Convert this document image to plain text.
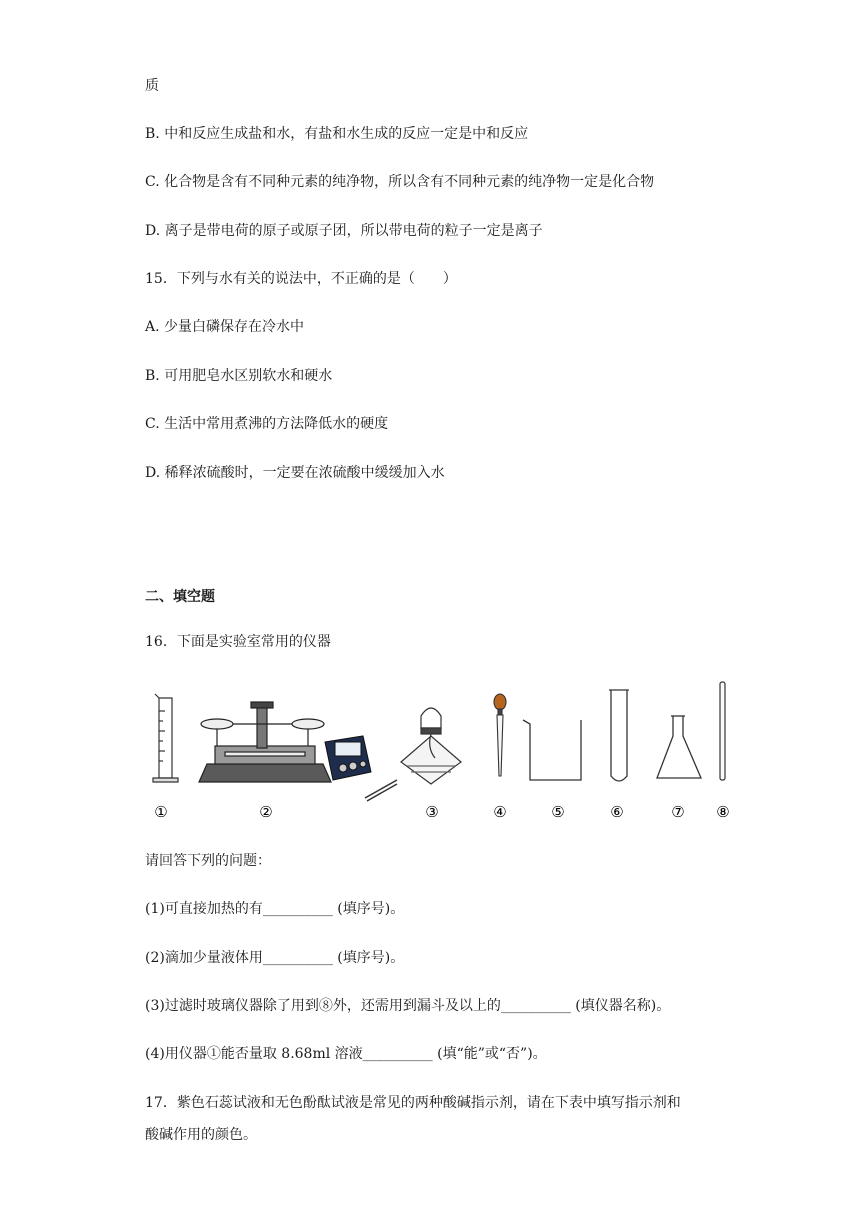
质
B. 中和反应生成盐和水，有盐和水生成的反应一定是中和反应
C. 化合物是含有不同种元素的纯净物，所以含有不同种元素的纯净物一定是化合物
D. 离子是带电荷的原子或原子团，所以带电荷的粒子一定是离子
15．下列与水有关的说法中，不正确的是（　　）
A. 少量白磷保存在冷水中
B. 可用肥皂水区别软水和硬水
C. 生活中常用煮沸的方法降低水的硬度
D. 稀释浓硫酸时，一定要在浓硫酸中缓缓加入水
二、填空题
16．下面是实验室常用的仪器
①	②	③	④	⑤	⑥	⑦ ⑧
请回答下列的问题：
(1)可直接加热的有__________ (填序号)。
(2)滴加少量液体用__________ (填序号)。
(3)过滤时玻璃仪器除了用到⑧外，还需用到漏斗及以上的__________ (填仪器名称)。
(4)用仪器①能否量取 8.68ml 溶液__________ (填“能”或“否”)。
17．紫色石蕊试液和无色酚酞试液是常见的两种酸碱指示剂，请在下表中填写指示剂和
酸碱作用的颜色。
